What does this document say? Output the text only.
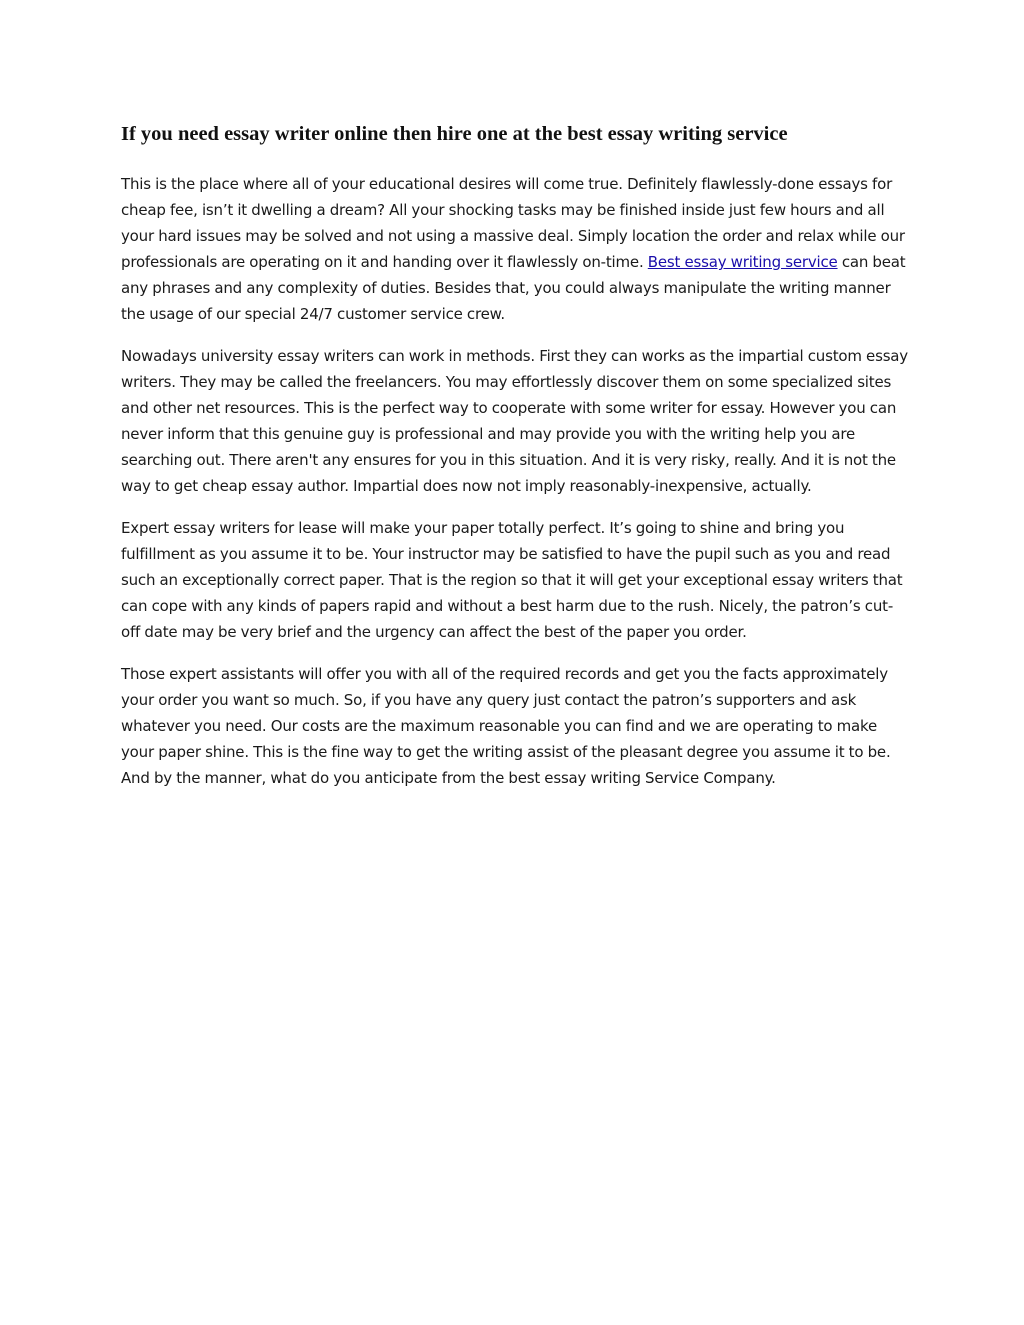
If you need essay writer online then hire one at the best essay writing service

This is the place where all of your educational desires will come true. Definitely flawlessly-done essays for cheap fee, isn’t it dwelling a dream? All your shocking tasks may be finished inside just few hours and all your hard issues may be solved and not using a massive deal. Simply location the order and relax while our professionals are operating on it and handing over it flawlessly on-time. Best essay writing service can beat any phrases and any complexity of duties. Besides that, you could always manipulate the writing manner the usage of our special 24/7 customer service crew.

Nowadays university essay writers can work in methods. First they can works as the impartial custom essay writers. They may be called the freelancers. You may effortlessly discover them on some specialized sites and other net resources. This is the perfect way to cooperate with some writer for essay. However you can never inform that this genuine guy is professional and may provide you with the writing help you are searching out. There aren't any ensures for you in this situation. And it is very risky, really. And it is not the way to get cheap essay author. Impartial does now not imply reasonably-inexpensive, actually.

Expert essay writers for lease will make your paper totally perfect. It’s going to shine and bring you fulfillment as you assume it to be. Your instructor may be satisfied to have the pupil such as you and read such an exceptionally correct paper. That is the region so that it will get your exceptional essay writers that can cope with any kinds of papers rapid and without a best harm due to the rush. Nicely, the patron’s cut-off date may be very brief and the urgency can affect the best of the paper you order.

Those expert assistants will offer you with all of the required records and get you the facts approximately your order you want so much. So, if you have any query just contact the patron’s supporters and ask whatever you need. Our costs are the maximum reasonable you can find and we are operating to make your paper shine. This is the fine way to get the writing assist of the pleasant degree you assume it to be. And by the manner, what do you anticipate from the best essay writing Service Company.
